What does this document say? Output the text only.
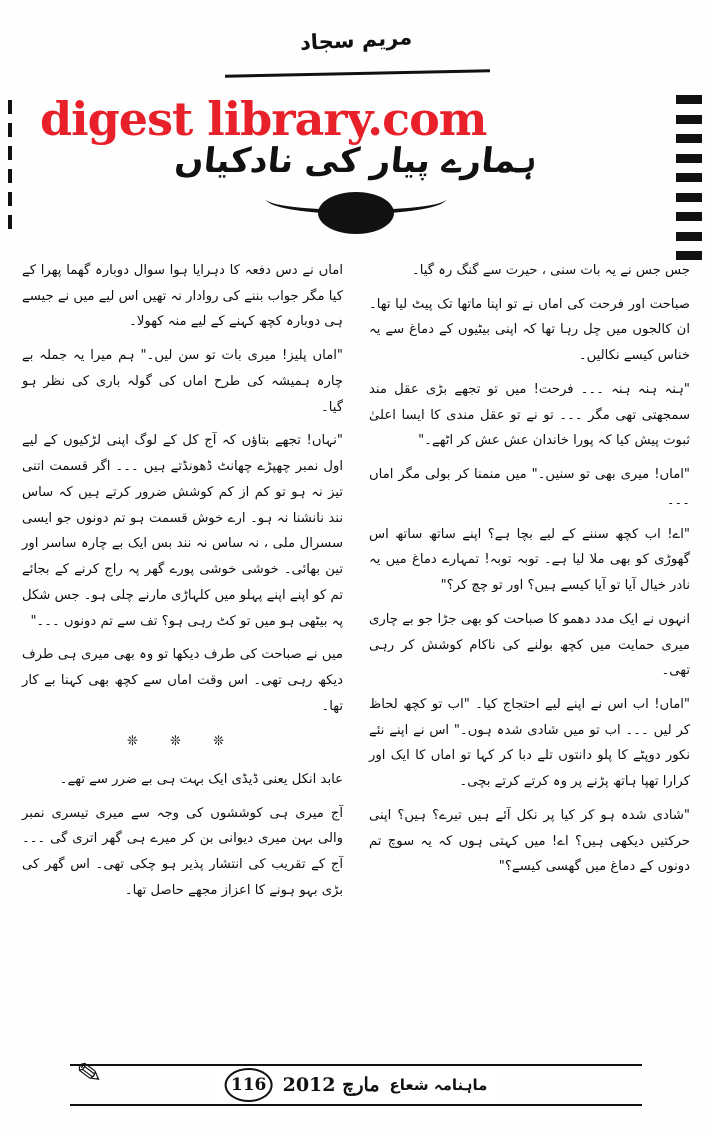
مریم سجاد
digest library.com
ہمارے پیار کی نادکیاں

جس جس نے یہ بات سنی ، حیرت سے گنگ رہ گیا۔

صباحت اور فرحت کی اماں نے تو اپنا ماتھا تک پیٹ لیا تھا۔ ان کالجوں میں چل رہا تھا کہ اپنی بیٹیوں کے دماغ سے یہ خناس کیسے نکالیں۔

"ہنہ ہنہ ہنہ ۔۔۔ فرحت! میں تو تجھے بڑی عقل مند سمجھتی تھی مگر ۔۔۔ تو نے تو عقل مندی کا ایسا اعلیٰ ثبوت پیش کیا کہ پورا خاندان عش عش کر اٹھے۔"

"اماں! میری بھی تو سنیں۔" میں منمنا کر بولی مگر اماں ۔۔۔

"اے! اب کچھ سننے کے لیے بچا ہے؟ اپنے ساتھ ساتھ اس گھوڑی کو بھی ملا لیا ہے۔ توبہ توبہ! تمہارے دماغ میں یہ نادر خیال آیا تو آیا کیسے ہیں؟ اور تو چچ کر؟"

انہوں نے ایک مدد دھمو کا صباحت کو بھی جڑا جو بے چاری میری حمایت میں کچھ بولنے کی ناکام کوشش کر رہی تھی۔

"اماں! اب اس نے اپنے لیے احتجاج کیا۔ "اب تو کچھ لحاظ کر لیں ۔۔۔ اب تو میں شادی شدہ ہوں۔" اس نے اپنے نئے نکور دوپٹے کا پلو دانتوں تلے دبا کر کہا تو اماں کا ایک اور کرارا تھپا ہاتھ پڑنے پر وہ کرتے کرتے بچی۔

"شادی شدہ ہو کر کیا پر نکل آئے ہیں تیرے؟ ہیں؟ اپنی حرکتیں دیکھی ہیں؟ اے! میں کہتی ہوں کہ یہ سوچ تم دونوں کے دماغ میں گھسی کیسے؟"

اماں نے دس دفعہ کا دہرایا ہوا سوال دوبارہ گھما پھرا کے کیا مگر جواب بننے کی روادار نہ تھیں اس لیے میں نے جیسے ہی دوبارہ کچھ کہنے کے لیے منہ کھولا۔

"اماں پلیز! میری بات تو سن لیں۔" ہم میرا یہ جملہ بے چارہ ہمیشہ کی طرح اماں کی گولہ باری کی نظر ہو گیا۔

"نہاں! تجھے بتاؤں کہ آج کل کے لوگ اپنی لڑکیوں کے لیے اول نمبر چھپڑے چھانٹ ڈھونڈتے ہیں ۔۔۔ اگر قسمت اتنی تیز نہ ہو تو کم از کم کوشش ضرور کرتے ہیں کہ ساس نند نانشنا نہ ہو۔ ارے خوش قسمت ہو تم دونوں جو ایسی سسرال ملی ، نہ ساس نہ نند بس ایک بے چارہ ساسر اور تین بھائی۔ خوشی خوشی پورے گھر پہ راج کرنے کے بجائے تم کو اپنے اپنے پہلو میں کلہاڑی مارنے چلی ہو۔ جس شکل پہ بیٹھی ہو میں تو کٹ رہی ہو؟ تف سے تم دونوں ۔۔۔"

میں نے صباحت کی طرف دیکھا تو وہ بھی میری ہی طرف دیکھ رہی تھی۔ اس وقت اماں سے کچھ بھی کہنا بے کار تھا۔

❊ ❊ ❊

عابد انکل یعنی ڈیڈی ایک بہت ہی بے ضرر سے تھے۔

آج میری ہی کوششوں کی وجہ سے میری تیسری نمبر والی بہن میری دیوانی بن کر میرے ہی گھر اتری گی ۔۔۔ آج کے تقریب کی انتشار پذیر ہو چکی تھی۔ اس گھر کی بڑی بہو ہونے کا اعزاز مجھے حاصل تھا۔

✎	ماہنامہ شعاع
مارچ 2012
116
